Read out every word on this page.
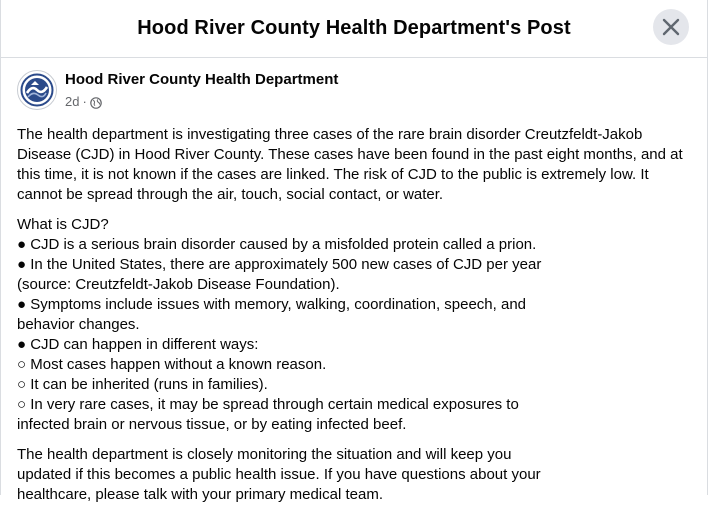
Hood River County Health Department's Post
Hood River County Health Department
2d ·

The health department is investigating three cases of the rare brain disorder Creutzfeldt-Jakob Disease (CJD) in Hood River County. These cases have been found in the past eight months, and at this time, it is not known if the cases are linked. The risk of CJD to the public is extremely low. It cannot be spread through the air, touch, social contact, or water.

What is CJD?
● CJD is a serious brain disorder caused by a misfolded protein called a prion.
● In the United States, there are approximately 500 new cases of CJD per year
(source: Creutzfeldt-Jakob Disease Foundation).
● Symptoms include issues with memory, walking, coordination, speech, and
behavior changes.
● CJD can happen in different ways:
○ Most cases happen without a known reason.
○ It can be inherited (runs in families).
○ In very rare cases, it may be spread through certain medical exposures to
infected brain or nervous tissue, or by eating infected beef.

The health department is closely monitoring the situation and will keep you
updated if this becomes a public health issue. If you have questions about your
healthcare, please talk with your primary medical team.
